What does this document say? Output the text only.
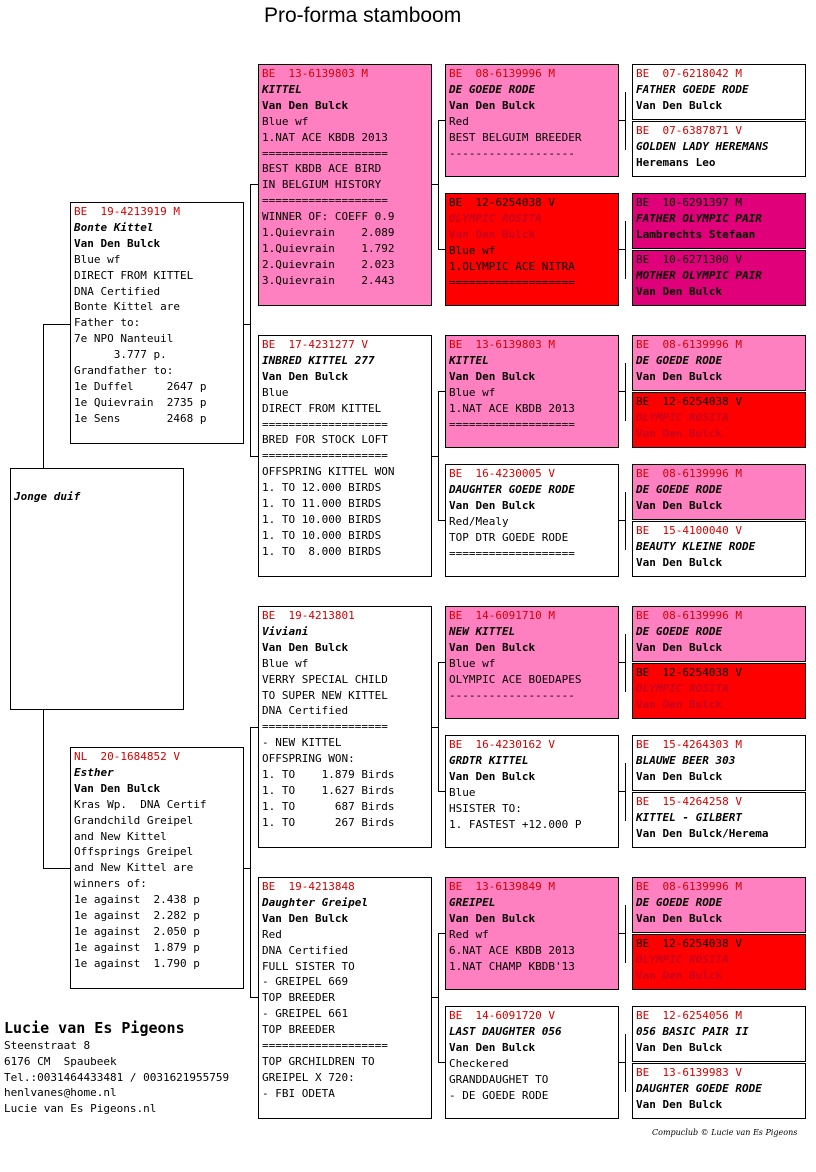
Pro-forma stamboom
Jonge duif
BE  19-4213919 M
Bonte Kittel
Van Den Bulck
Blue wf
DIRECT FROM KITTEL
DNA Certified
Bonte Kittel are
Father to:
7e NPO Nanteuil
3.777 p.
Grandfather to:
1e Duffel     2647 p
1e Quievrain  2735 p
1e Sens       2468 p
NL  20-1684852 V
Esther
Van Den Bulck
Kras Wp.  DNA Certif
Grandchild Greipel
and New Kittel
Offsprings Greipel
and New Kittel are
winners of:
1e against  2.438 p
1e against  2.282 p
1e against  2.050 p
1e against  1.879 p
1e against  1.790 p
BE  13-6139803 M
KITTEL
Van Den Bulck
Blue wf
1.NAT ACE KBDB 2013
===================
BEST KBDB ACE BIRD
IN BELGIUM HISTORY
===================
WINNER OF: COEFF 0.9
1.Quievrain    2.089
1.Quievrain    1.792
2.Quievrain    2.023
3.Quievrain    2.443
BE  17-4231277 V
INBRED KITTEL 277
Van Den Bulck
Blue
DIRECT FROM KITTEL
===================
BRED FOR STOCK LOFT
===================
OFFSPRING KITTEL WON
1. TO 12.000 BIRDS
1. TO 11.000 BIRDS
1. TO 10.000 BIRDS
1. TO 10.000 BIRDS
1. TO  8.000 BIRDS
BE  19-4213801
Viviani
Van Den Bulck
Blue wf
VERRY SPECIAL CHILD
TO SUPER NEW KITTEL
DNA Certified
===================
- NEW KITTEL
OFFSPRING WON:
1. TO    1.879 Birds
1. TO    1.627 Birds
1. TO      687 Birds
1. TO      267 Birds
BE  19-4213848
Daughter Greipel
Van Den Bulck
Red
DNA Certified
FULL SISTER TO
- GREIPEL 669
TOP BREEDER
- GREIPEL 661
TOP BREEDER
===================
TOP GRCHILDREN TO
GREIPEL X 720:
- FBI ODETA
BE  08-6139996 M
DE GOEDE RODE
Van Den Bulck
Red
BEST BELGUIM BREEDER
-------------------
BE  12-6254038 V
OLYMPIC ROSITA
Van Den Bulck
Blue wf
1.OLYMPIC ACE NITRA
===================
BE  13-6139803 M
KITTEL
Van Den Bulck
Blue wf
1.NAT ACE KBDB 2013
===================
BE  16-4230005 V
DAUGHTER GOEDE RODE
Van Den Bulck
Red/Mealy
TOP DTR GOEDE RODE
===================
BE  14-6091710 M
NEW KITTEL
Van Den Bulck
Blue wf
OLYMPIC ACE BOEDAPES
-------------------
BE  16-4230162 V
GRDTR KITTEL
Van Den Bulck
Blue
HSISTER TO:
1. FASTEST +12.000 P
BE  13-6139849 M
GREIPEL
Van Den Bulck
Red wf
6.NAT ACE KBDB 2013
1.NAT CHAMP KBDB'13
BE  14-6091720 V
LAST DAUGHTER 056
Van Den Bulck
Checkered
GRANDDAUGHET TO
- DE GOEDE RODE
BE  07-6218042 M
FATHER GOEDE RODE
Van Den Bulck
BE  07-6387871 V
GOLDEN LADY HEREMANS
Heremans Leo
BE  10-6291397 M
FATHER OLYMPIC PAIR
Lambrechts Stefaan
BE  10-6271300 V
MOTHER OLYMPIC PAIR
Van Den Bulck
BE  08-6139996 M
DE GOEDE RODE
Van Den Bulck
BE  12-6254038 V
OLYMPIC ROSITA
Van Den Bulck
BE  08-6139996 M
DE GOEDE RODE
Van Den Bulck
BE  15-4100040 V
BEAUTY KLEINE RODE
Van Den Bulck
BE  08-6139996 M
DE GOEDE RODE
Van Den Bulck
BE  12-6254038 V
OLYMPIC ROSITA
Van Den Bulck
BE  15-4264303 M
BLAUWE BEER 303
Van Den Bulck
BE  15-4264258 V
KITTEL - GILBERT
Van Den Bulck/Herema
BE  08-6139996 M
DE GOEDE RODE
Van Den Bulck
BE  12-6254038 V
OLYMPIC ROSITA
Van Den Bulck
BE  12-6254056 M
056 BASIC PAIR II
Van Den Bulck
BE  13-6139983 V
DAUGHTER GOEDE RODE
Van Den Bulck
Lucie van Es Pigeons
Steenstraat 8
6176 CM  Spaubeek
Tel.:0031464433481 / 0031621955759
henlvanes@home.nl
Lucie van Es Pigeons.nl
Compuclub © Lucie van Es Pigeons
